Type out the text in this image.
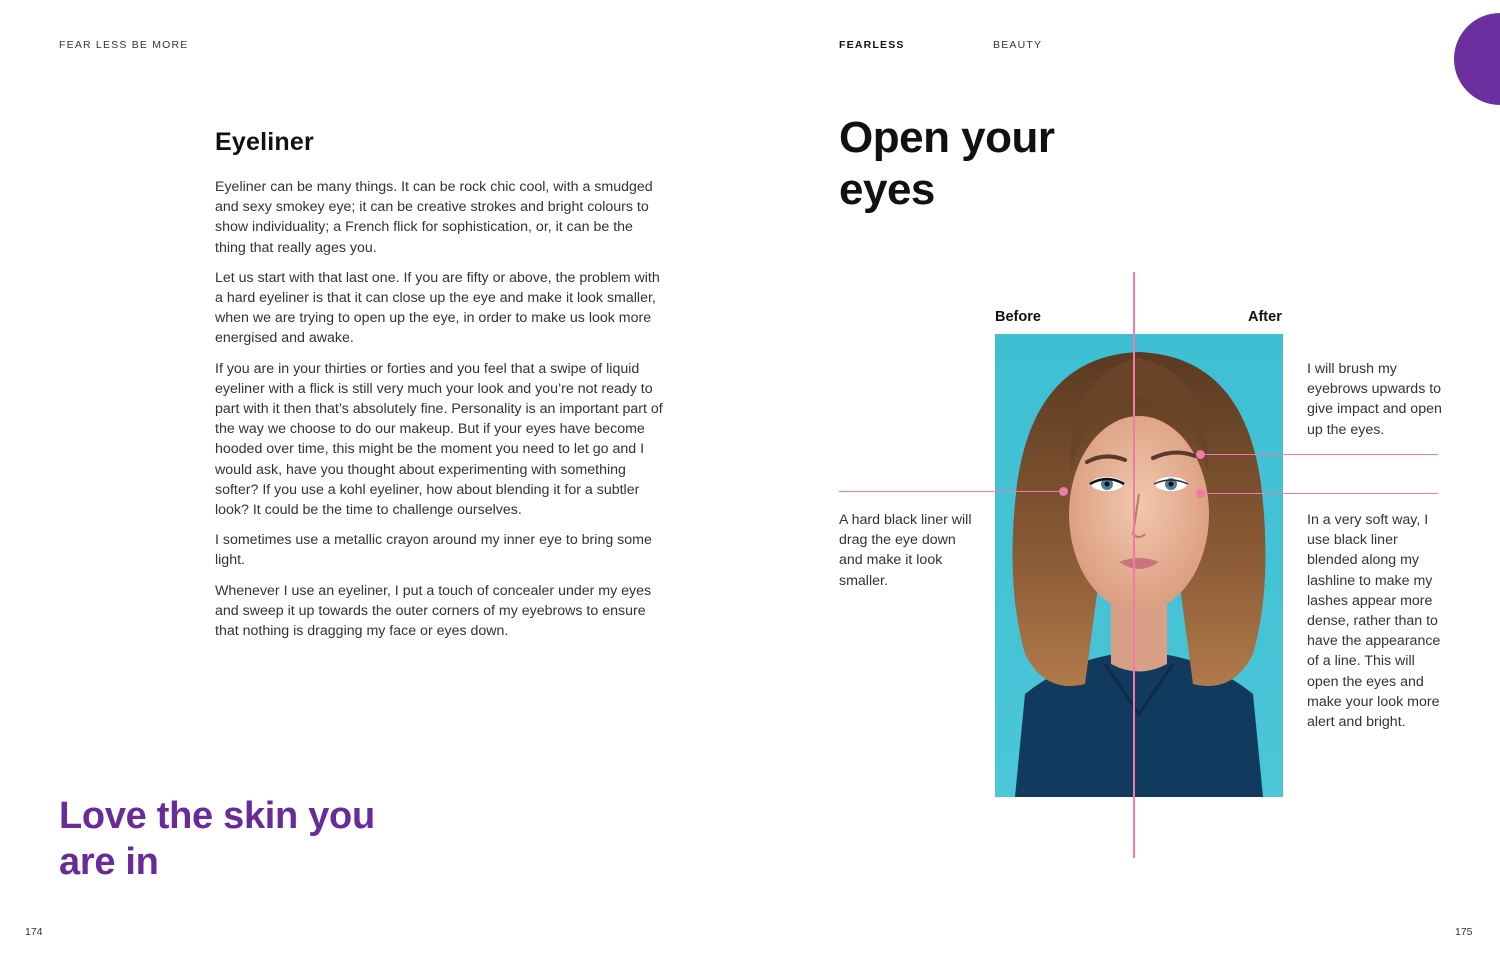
FEAR LESS BE MORE	FEARLESS	BEAUTY
Eyeliner

Eyeliner can be many things. It can be rock chic cool, with a smudged and sexy smokey eye; it can be creative strokes and bright colours to show individuality; a French flick for sophistication, or, it can be the thing that really ages you.

Let us start with that last one. If you are fifty or above, the problem with a hard eyeliner is that it can close up the eye and make it look smaller, when we are trying to open up the eye, in order to make us look more energised and awake.

If you are in your thirties or forties and you feel that a swipe of liquid eyeliner with a flick is still very much your look and you’re not ready to part with it then that’s absolutely fine. Personality is an important part of the way we choose to do our makeup. But if your eyes have become hooded over time, this might be the moment you need to let go and I would ask, have you thought about experimenting with something softer? If you use a kohl eyeliner, how about blending it for a subtler look? It could be the time to challenge ourselves.

I sometimes use a metallic crayon around my inner eye to bring some light.

Whenever I use an eyeliner, I put a touch of concealer under my eyes and sweep it up towards the outer corners of my eyebrows to ensure that nothing is dragging my face or eyes down.

Love the skin you are in
174
Open your eyes
Before	After
A hard black liner will drag the eye down and make it look smaller.
I will brush my eyebrows upwards to give impact and open up the eyes.
In a very soft way, I use black liner blended along my lashline to make my lashes appear more dense, rather than to have the appearance of a line. This will open the eyes and make your look more alert and bright.
175
